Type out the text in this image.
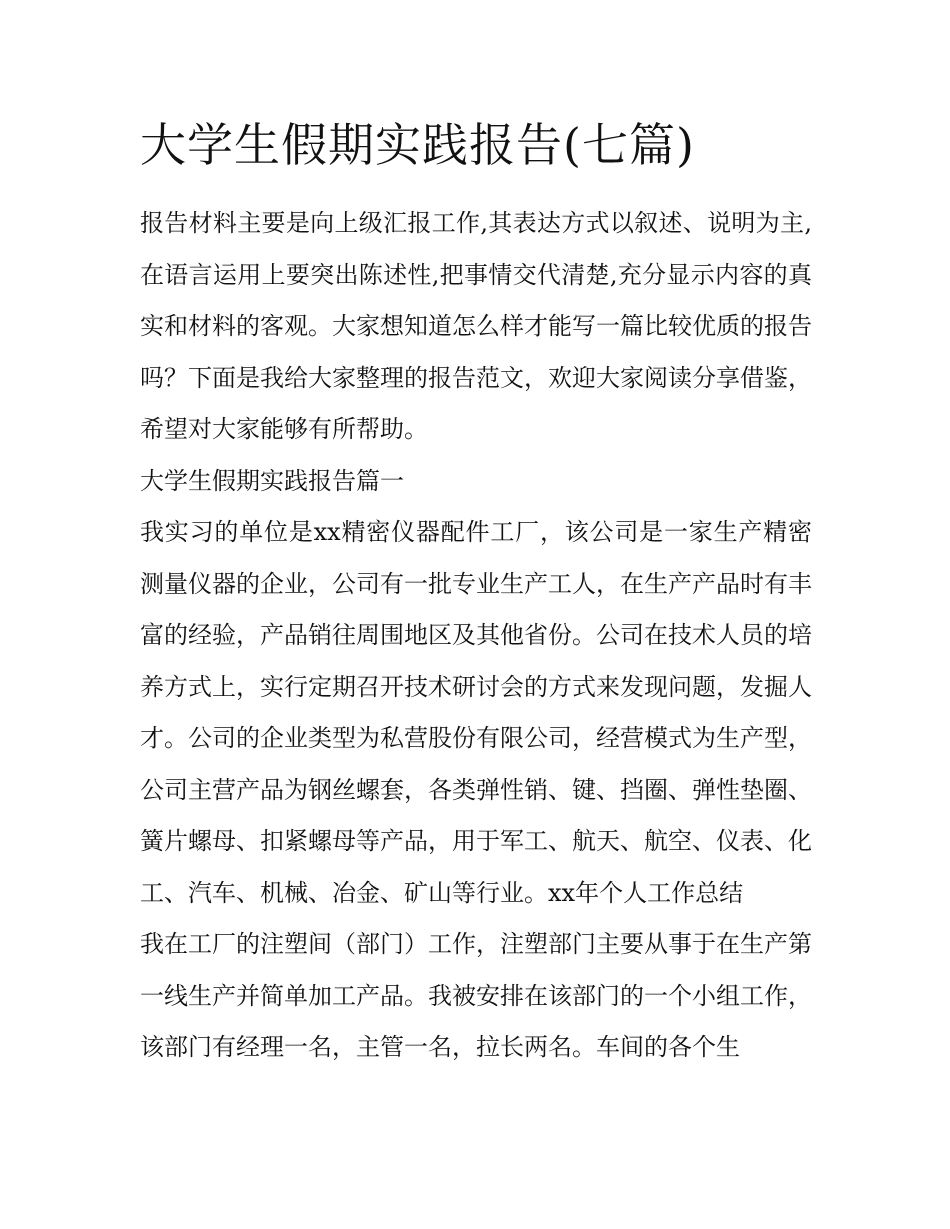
大学生假期实践报告(七篇)

报告材料主要是向上级汇报工作,其表达方式以叙述、说明为主,在语言运用上要突出陈述性,把事情交代清楚,充分显示内容的真实和材料的客观。大家想知道怎么样才能写一篇比较优质的报告吗？下面是我给大家整理的报告范文，欢迎大家阅读分享借鉴，希望对大家能够有所帮助。

大学生假期实践报告篇一

我实习的单位是xx精密仪器配件工厂，该公司是一家生产精密测量仪器的企业，公司有一批专业生产工人，在生产产品时有丰富的经验，产品销往周围地区及其他省份。公司在技术人员的培养方式上，实行定期召开技术研讨会的方式来发现问题，发掘人才。公司的企业类型为私营股份有限公司，经营模式为生产型，公司主营产品为钢丝螺套，各类弹性销、键、挡圈、弹性垫圈、簧片螺母、扣紧螺母等产品，用于军工、航天、航空、仪表、化工、汽车、机械、冶金、矿山等行业。xx年个人工作总结

我在工厂的注塑间（部门）工作，注塑部门主要从事于在生产第一线生产并简单加工产品。我被安排在该部门的一个小组工作，该部门有经理一名，主管一名，拉长两名。车间的各个生
